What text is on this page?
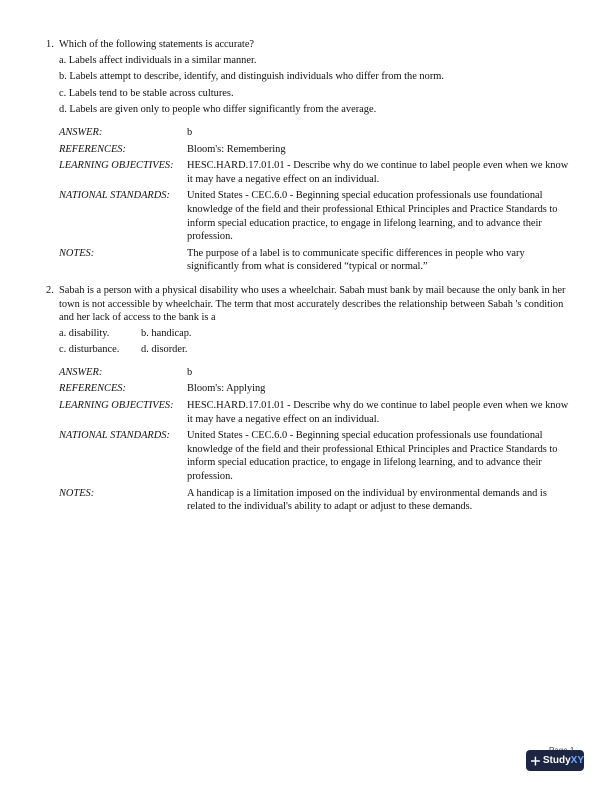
1. Which of the following statements is accurate?
a. Labels affect individuals in a similar manner.
b. Labels attempt to describe, identify, and distinguish individuals who differ from the norm.
c. Labels tend to be stable across cultures.
d. Labels are given only to people who differ significantly from the average.
ANSWER:	b
REFERENCES:	Bloom's: Remembering
LEARNING OBJECTIVES:	HESC.HARD.17.01.01 - Describe why do we continue to label people even when we know it may have a negative effect on an individual.
NATIONAL STANDARDS:	United States - CEC.6.0 - Beginning special education professionals use foundational knowledge of the field and their professional Ethical Principles and Practice Standards to inform special education practice, to engage in lifelong learning, and to advance their profession.
NOTES:	The purpose of a label is to communicate specific differences in people who vary significantly from what is considered “typical or normal.”
2. Sabah is a person with a physical disability who uses a wheelchair. Sabah must bank by mail because the only bank in her town is not accessible by wheelchair. The term that most accurately describes the relationship between Sabah 's condition and her lack of access to the bank is a
a. disability.	b. handicap.
c. disturbance.	d. disorder.
ANSWER:	b
REFERENCES:	Bloom's: Applying
LEARNING OBJECTIVES:	HESC.HARD.17.01.01 - Describe why do we continue to label people even when we know it may have a negative effect on an individual.
NATIONAL STANDARDS:	United States - CEC.6.0 - Beginning special education professionals use foundational knowledge of the field and their professional Ethical Principles and Practice Standards to inform special education practice, to engage in lifelong learning, and to advance their profession.
NOTES:	A handicap is a limitation imposed on the individual by environmental demands and is related to the individual's ability to adapt or adjust to these demands.
Study XY
